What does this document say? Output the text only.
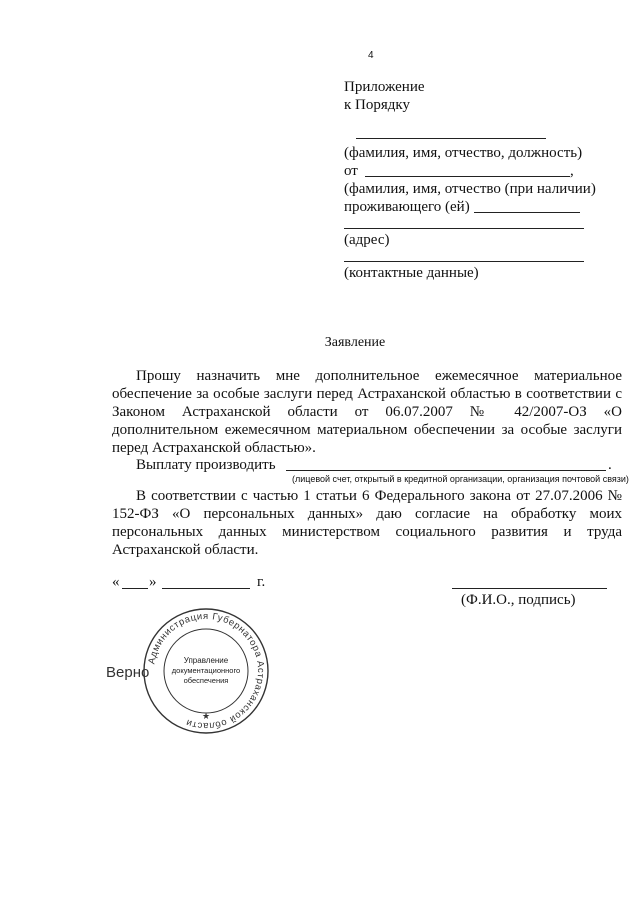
4
Приложение
к Порядку
(фамилия, имя, отчество, должность)
от	,
(фамилия, имя, отчество (при наличии)
проживающего (ей)
(адрес)
(контактные данные)
Заявление

Прошу назначить мне дополнительное ежемесячное материальное обеспечение за особые заслуги перед Астраханской областью в соответствии с Законом Астраханской области от 06.07.2007 № 42/2007-ОЗ «О дополнительном ежемесячном материальном обеспечении за особые заслуги перед Астраханской областью».

Выплату производить	.
(лицевой счет, открытый в кредитной организации, организация почтовой связи)

В соответствии с частью 1 статьи 6 Федерального закона от 27.07.2006 № 152-ФЗ «О персональных данных» даю согласие на обработку моих персональных данных министерством социального развития и труда Астраханской области.

« »	г.
(Ф.И.О., подпись)
Верно
Администрация Губернатора Астраханской области
Управление
документационного
обеспечения
★
